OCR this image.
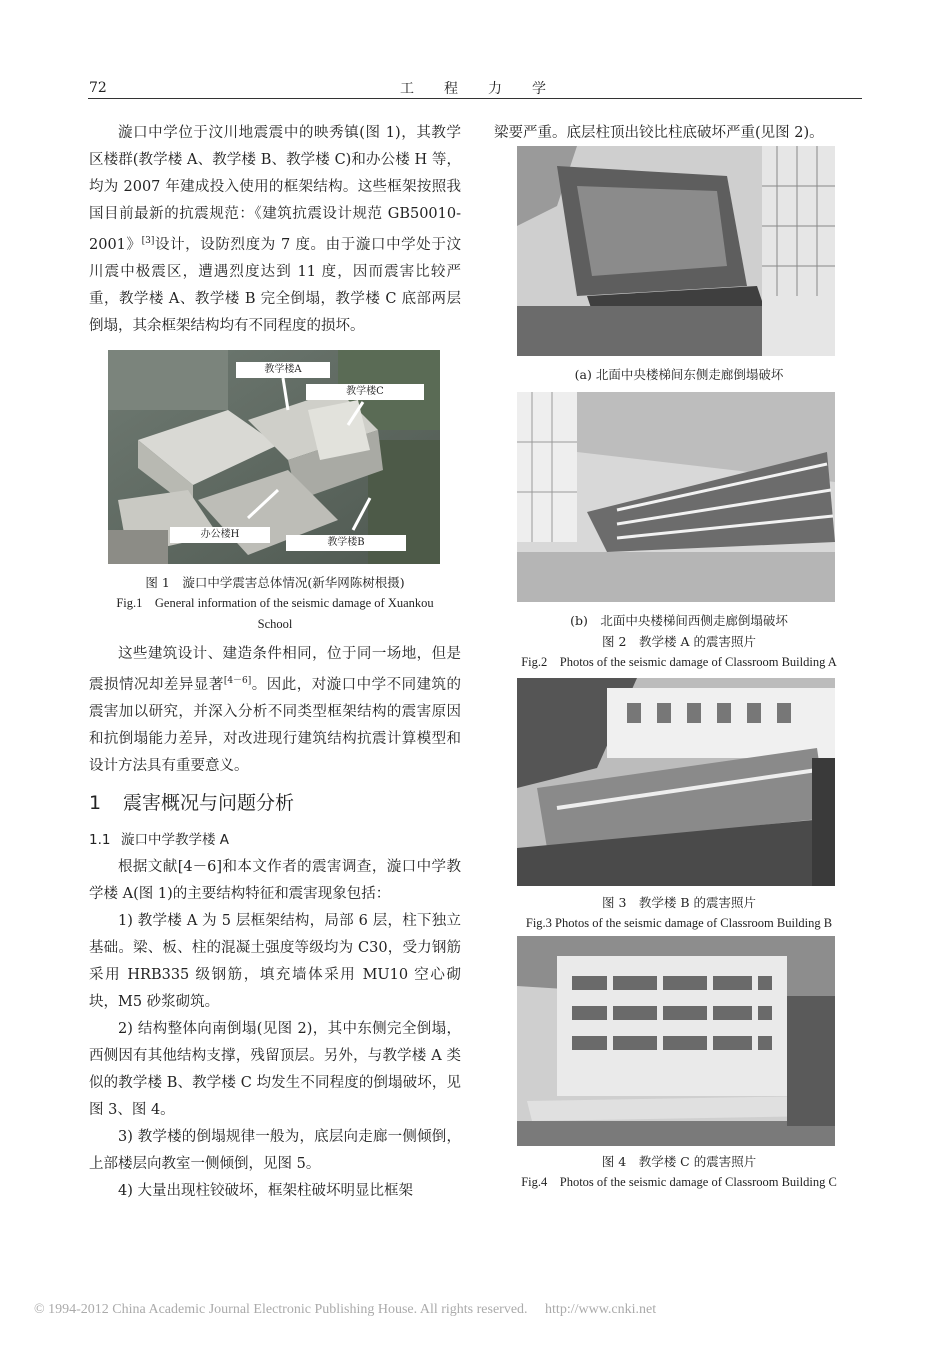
72	工程力学

漩口中学位于汶川地震震中的映秀镇(图 1)，其教学区楼群(教学楼 A、教学楼 B、教学楼 C)和办公楼 H 等，均为 2007 年建成投入使用的框架结构。这些框架按照我国目前最新的抗震规范：《建筑抗震设计规范 GB50010-2001》[3]设计，设防烈度为 7 度。由于漩口中学处于汶川震中极震区，遭遇烈度达到 11 度，因而震害比较严重，教学楼 A、教学楼 B 完全倒塌，教学楼 C 底部两层倒塌，其余框架结构均有不同程度的损坏。

教学楼A
教学楼C
办公楼H
教学楼B
图 1　漩口中学震害总体情况(新华网陈树根摄)
Fig.1　General information of the seismic damage of Xuankou
School

这些建筑设计、建造条件相同，位于同一场地，但是震损情况却差异显著[4－6]。因此，对漩口中学不同建筑的震害加以研究，并深入分析不同类型框架结构的震害原因和抗倒塌能力差异，对改进现行建筑结构抗震计算模型和设计方法具有重要意义。

1 震害概况与问题分析
1.1 漩口中学教学楼 A

根据文献[4－6]和本文作者的震害调查，漩口中学教学楼 A(图 1)的主要结构特征和震害现象包括：

1) 教学楼 A 为 5 层框架结构，局部 6 层，柱下独立基础。梁、板、柱的混凝土强度等级均为 C30，受力钢筋采用 HRB335 级钢筋，填充墙体采用 MU10 空心砌块，M5 砂浆砌筑。

2) 结构整体向南倒塌(见图 2)，其中东侧完全倒塌，西侧因有其他结构支撑，残留顶层。另外，与教学楼 A 类似的教学楼 B、教学楼 C 均发生不同程度的倒塌破坏，见图 3、图 4。

3) 教学楼的倒塌规律一般为，底层向走廊一侧倾倒，上部楼层向教室一侧倾倒，见图 5。

4) 大量出现柱铰破坏，框架柱破坏明显比框架

梁要严重。底层柱顶出铰比柱底破坏严重(见图 2)。

(a) 北面中央楼梯间东侧走廊倒塌破坏
(b)　北面中央楼梯间西侧走廊倒塌破坏
图 2　教学楼 A 的震害照片
Fig.2　Photos of the seismic damage of Classroom Building A
图 3　教学楼 B 的震害照片
Fig.3 Photos of the seismic damage of Classroom Building B
图 4　教学楼 C 的震害照片
Fig.4　Photos of the seismic damage of Classroom Building C
© 1994-2012 China Academic Journal Electronic Publishing House. All rights reserved.　 http://www.cnki.net
